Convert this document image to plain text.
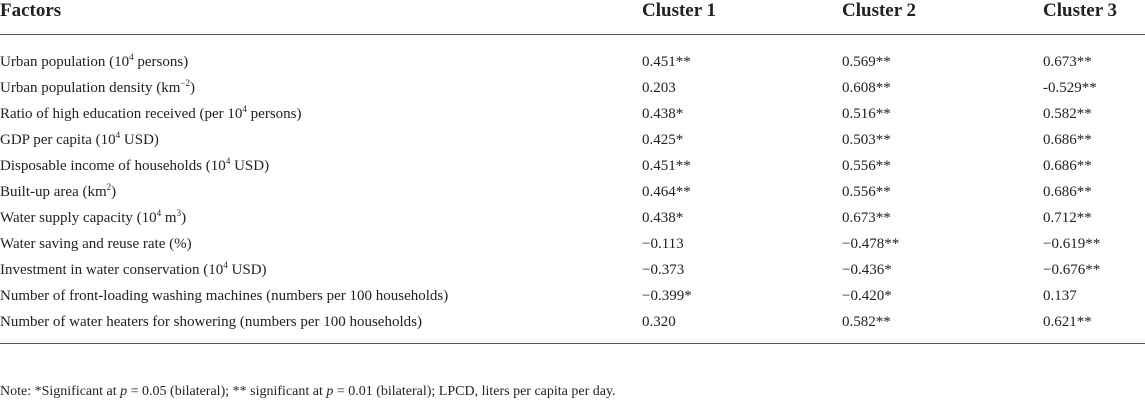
Factors	Cluster 1	Cluster 2	Cluster 3
Urban population ($10^4$ persons)	0.451**	0.569**	0.673**
Urban population density $(km^{-2})$	0.203	0.608**	-0.529**
Ratio of high education received (per $10^4$ persons)	0.438*	0.516**	0.582**
GDP per capita ($10^4$ USD)	0.425*	0.503**	0.686**
Disposable income of households ($10^4$ USD)	0.451**	0.556**	0.686**
Built-up area $(km^2)$	0.464**	0.556**	0.686**
Water supply capacity ($10^4$ $m^3$)	0.438*	0.673**	0.712**
Water saving and reuse rate (%)	−0.113	−0.478**	−0.619**
Investment in water conservation ($10^4$ USD)	−0.373	−0.436*	−0.676**
Number of front-loading washing machines (numbers per 100 households)	−0.399*	−0.420*	0.137
Number of water heaters for showering (numbers per 100 households)	0.320	0.582**	0.621**
Note: *Significant at p = 0.05 (bilateral); ** significant at p = 0.01 (bilateral); LPCD, liters per capita per day.
